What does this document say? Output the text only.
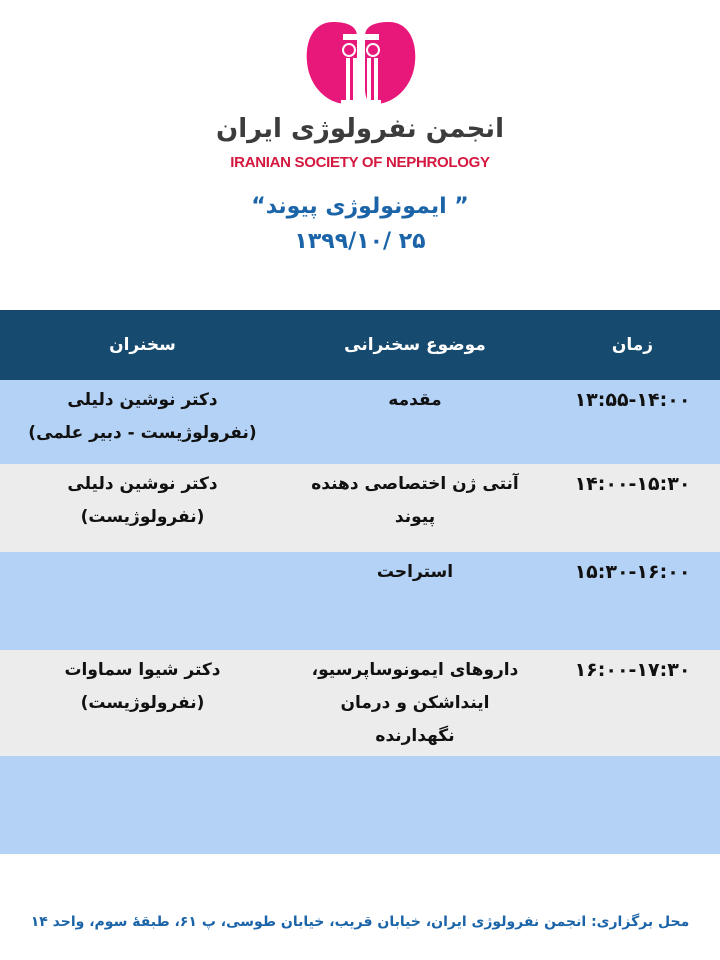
انجمن نفرولوژی ایران
IRANIAN SOCIETY OF NEPHROLOGY
” ایمونولوژی پیوند“
۱۳۹۹/۱۰/ ۲۵
زمان
موضوع سخنرانی
سخنران
۱۳:۵۵-۱۴:۰۰
مقدمه
دکتر نوشین دلیلی
(نفرولوژیست - دبیر علمی)
۱۴:۰۰-۱۵:۳۰
آنتی ژن اختصاصی دهنده
پیوند
دکتر نوشین دلیلی
(نفرولوژیست)
۱۵:۳۰-۱۶:۰۰
استراحت
۱۶:۰۰-۱۷:۳۰
داروهای ایمونوساپرسیو،
ایندا‌شکن و درمان
نگهدارنده
دکتر شیوا سماوات
(نفرولوژیست)
محل برگزاری: انجمن نفرولوژی ایران، خیابان قریب، خیابان طوسی، پ ۶۱، طبقهٔ سوم، واحد ۱۴
